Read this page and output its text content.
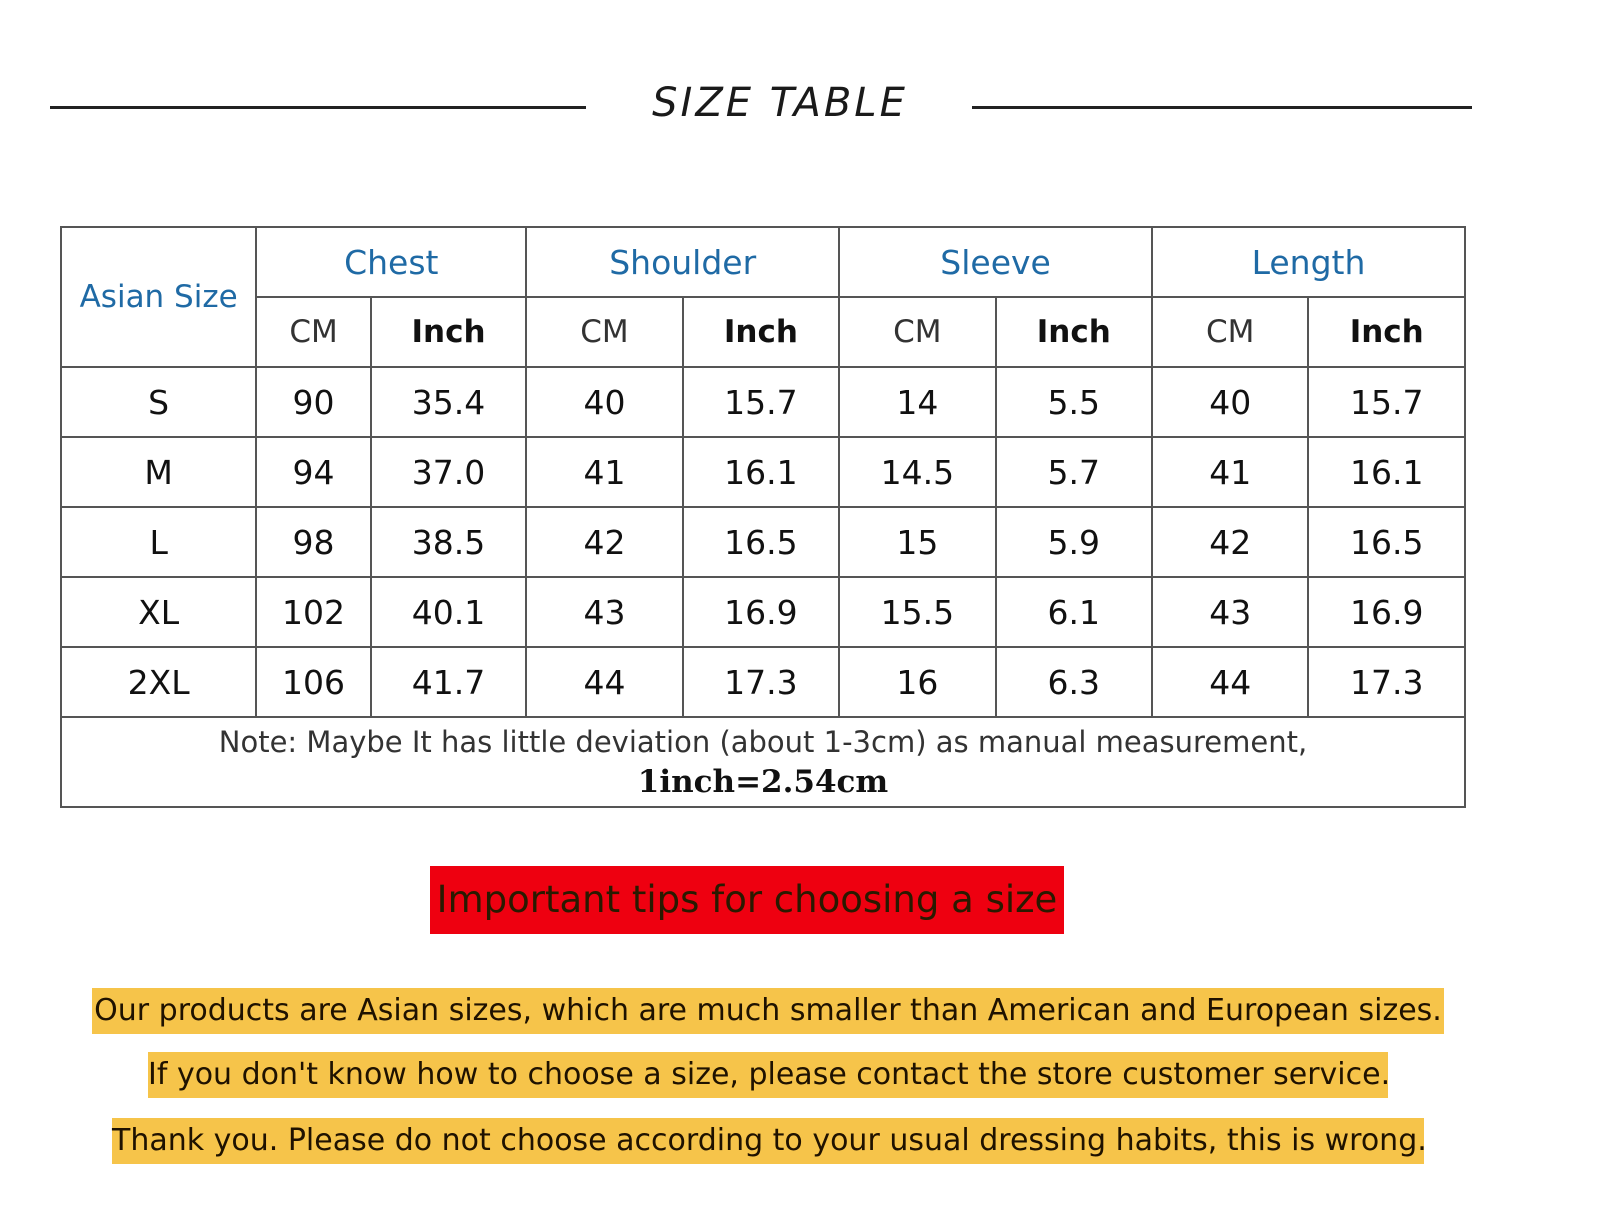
SIZE TABLE
Asian Size	Chest		Shoulder		Sleeve		Length	
	CM	Inch	CM	Inch	CM	Inch	CM	Inch
S	90	35.4	40	15.7	14	5.5	40	15.7
M	94	37.0	41	16.1	14.5	5.7	41	16.1
L	98	38.5	42	16.5	15	5.9	42	16.5
XL	102	40.1	43	16.9	15.5	6.1	43	16.9
2XL	106	41.7	44	17.3	16	6.3	44	17.3
Note: Maybe It has little deviation (about 1-3cm) as manual measurement,
1inch=2.54cm								
Important tips for choosing a size
Our products are Asian sizes, which are much smaller than American and European sizes.
If you don't know how to choose a size, please contact the store customer service.
Thank you. Please do not choose according to your usual dressing habits, this is wrong.
